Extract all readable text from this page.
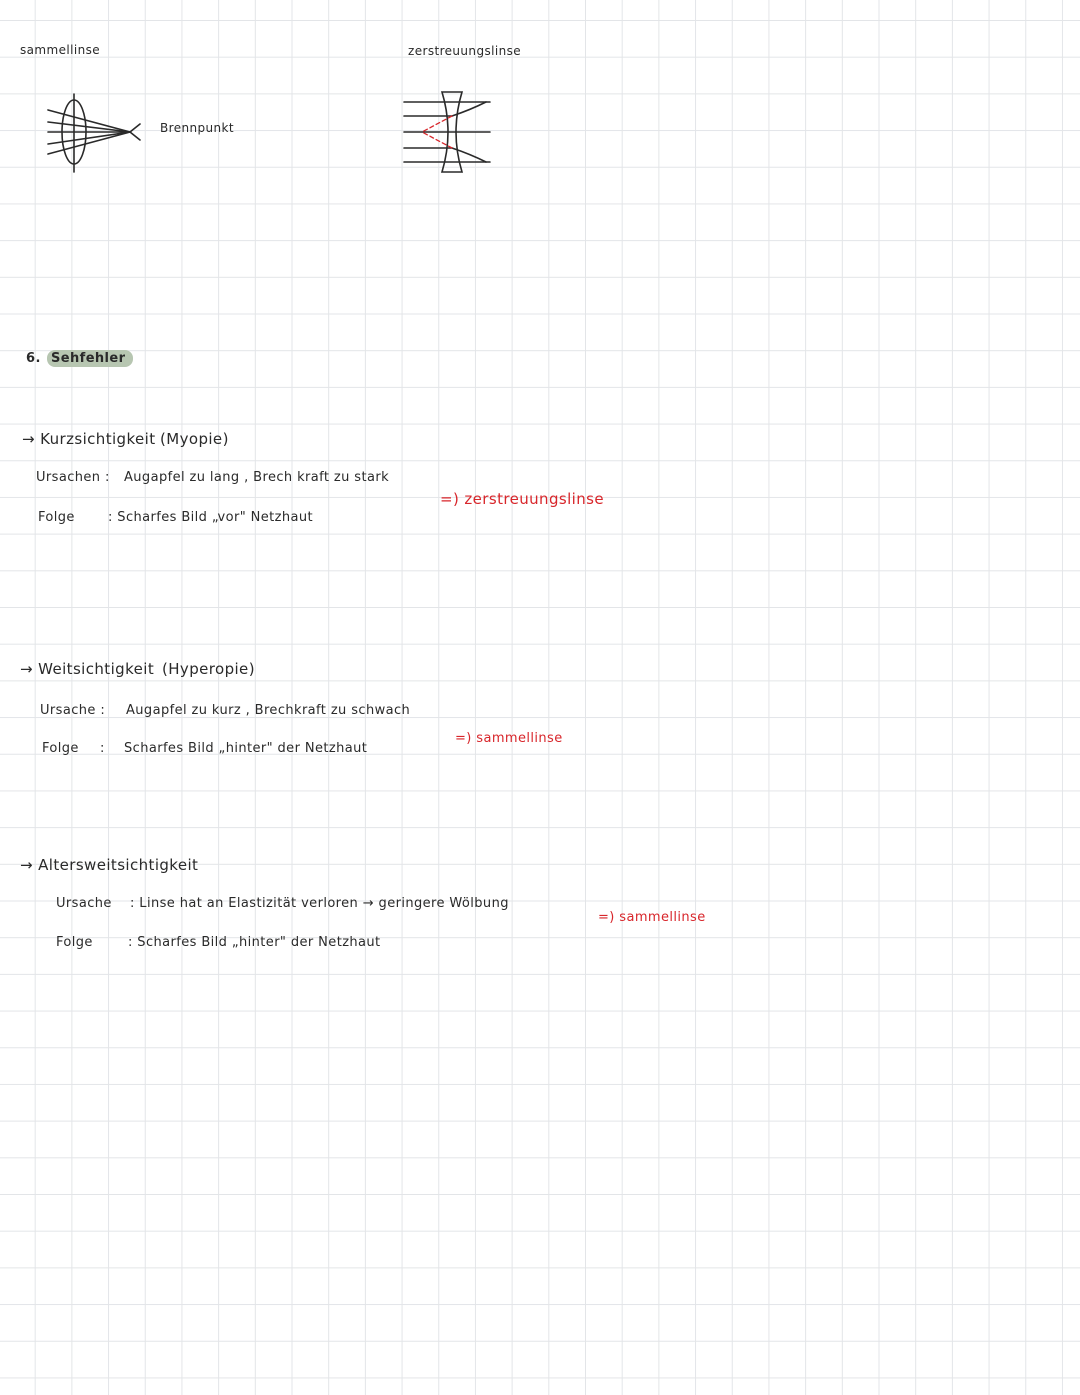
sammellinse
Brennpunkt
zerstreuungslinse
6. Sehfehler
→ Kurzsichtigkeit (Myopie)
Ursachen : Augapfel zu lang , Brech kraft zu stark
=) zerstreuungslinse
Folge	: Scharfes Bild „vor" Netzhaut
→ Weitsichtigkeit (Hyperopie)
Ursache : Augapfel zu kurz , Brechkraft zu schwach
=) sammellinse
Folge : Scharfes Bild „hinter" der Netzhaut
→ Altersweitsichtigkeit
Ursache : Linse hat an Elastizität verloren → geringere Wölbung
=) sammellinse
Folge	: Scharfes Bild „hinter" der Netzhaut
